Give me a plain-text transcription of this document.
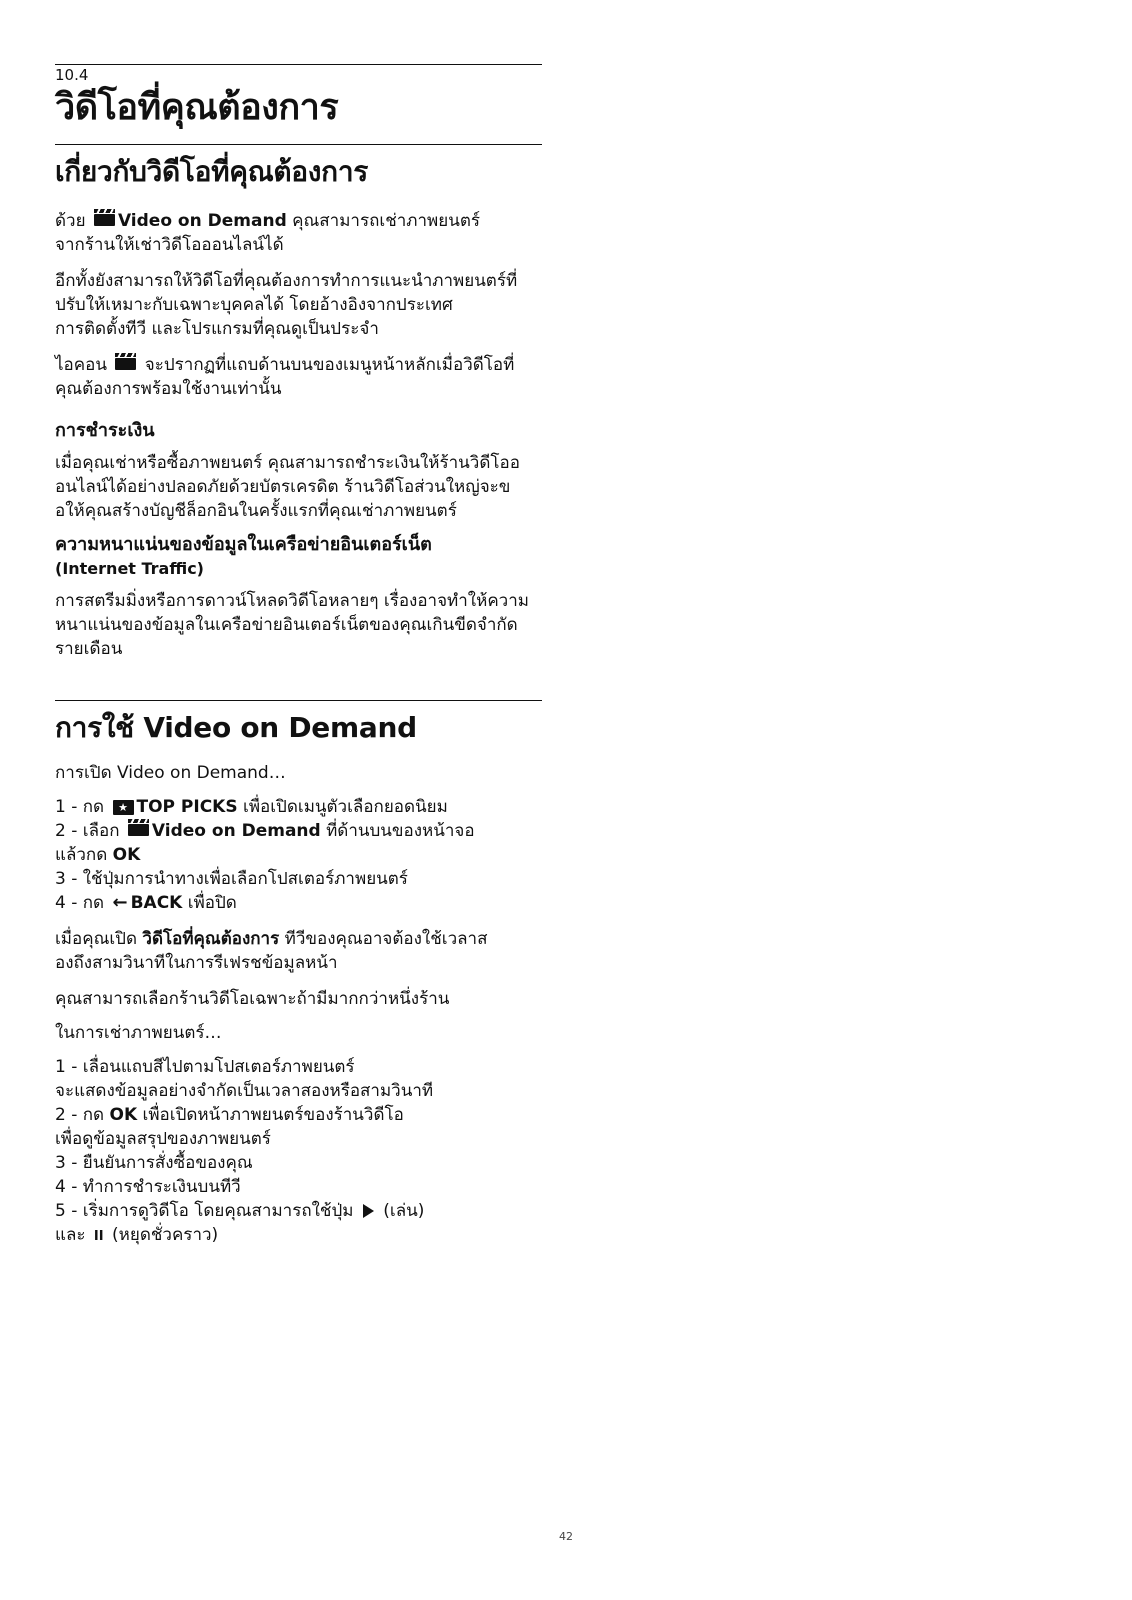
10.4
วิดีโอที่คุณต้องการ
เกี่ยวกับวิดีโอที่คุณต้องการ

ด้วย Video on Demand คุณสามารถเช่าภาพยนตร์
จากร้านให้เช่าวิดีโอออนไลน์ได้

อีกทั้งยังสามารถให้วิดีโอที่คุณต้องการทำการแนะนำภาพยนตร์ที่
ปรับให้เหมาะกับเฉพาะบุคคลได้ โดยอ้างอิงจากประเทศ
การติดตั้งทีวี และโปรแกรมที่คุณดูเป็นประจำ

ไอคอน จะปรากฏที่แถบด้านบนของเมนูหน้าหลักเมื่อวิดีโอที่
คุณต้องการพร้อมใช้งานเท่านั้น

การชำระเงิน

เมื่อคุณเช่าหรือซื้อภาพยนตร์ คุณสามารถชำระเงินให้ร้านวิดีโออ
อนไลน์ได้อย่างปลอดภัยด้วยบัตรเครดิต ร้านวิดีโอส่วนใหญ่จะข
อให้คุณสร้างบัญชีล็อกอินในครั้งแรกที่คุณเช่าภาพยนตร์

ความหนาแน่นของข้อมูลในเครือข่ายอินเตอร์เน็ต
(Internet Traffic)

การสตรีมมิ่งหรือการดาวน์โหลดวิดีโอหลายๆ เรื่องอาจทำให้ความ
หนาแน่นของข้อมูลในเครือข่ายอินเตอร์เน็ตของคุณเกินขีดจำกัด
รายเดือน

การใช้ Video on Demand

การเปิด Video on Demand…

1 - กด ★ TOP PICKS เพื่อเปิดเมนูตัวเลือกยอดนิยม
2 - เลือก Video on Demand ที่ด้านบนของหน้าจอ
แล้วกด OK
3 - ใช้ปุ่มการนำทางเพื่อเลือกโปสเตอร์ภาพยนตร์
4 - กด ← BACK เพื่อปิด

เมื่อคุณเปิด วิดีโอที่คุณต้องการ ทีวีของคุณอาจต้องใช้เวลาส
องถึงสามวินาทีในการรีเฟรชข้อมูลหน้า

คุณสามารถเลือกร้านวิดีโอเฉพาะถ้ามีมากกว่าหนึ่งร้าน

ในการเช่าภาพยนตร์…

1 - เลื่อนแถบสีไปตามโปสเตอร์ภาพยนตร์
จะแสดงข้อมูลอย่างจำกัดเป็นเวลาสองหรือสามวินาที
2 - กด OK เพื่อเปิดหน้าภาพยนตร์ของร้านวิดีโอ
เพื่อดูข้อมูลสรุปของภาพยนตร์
3 - ยืนยันการสั่งซื้อของคุณ
4 - ทำการชำระเงินบนทีวี
5 - เริ่มการดูวิดีโอ โดยคุณสามารถใช้ปุ่ม (เล่น)
และ II (หยุดชั่วคราว)

42
